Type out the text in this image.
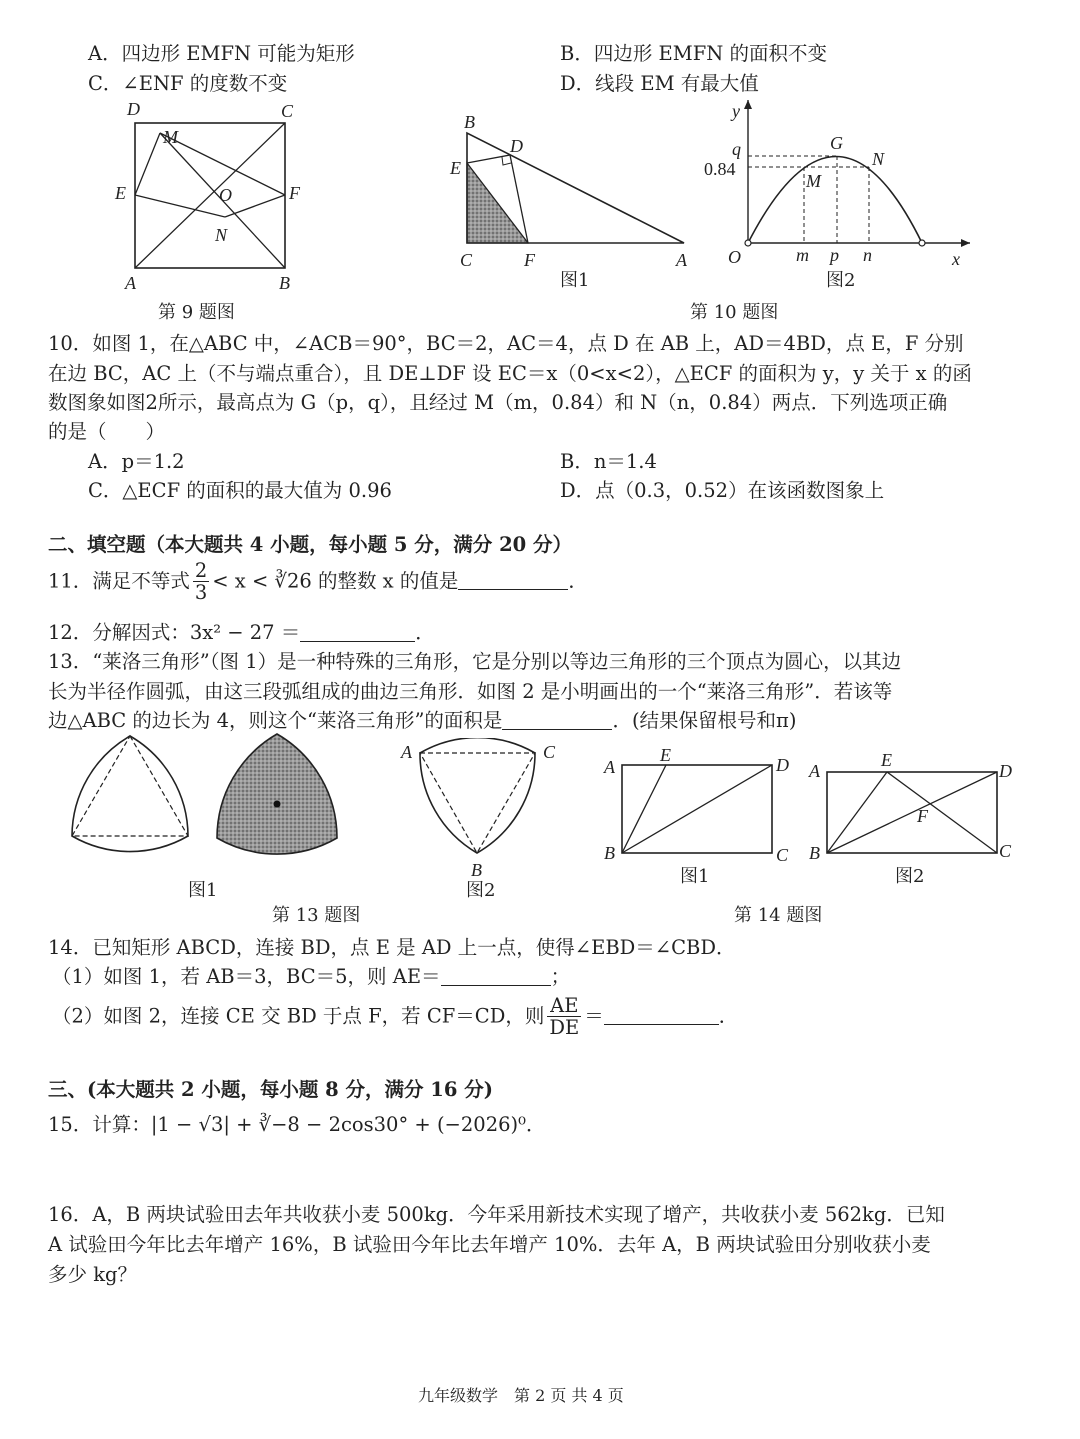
A．四边形 EMFN 可能为矩形	B．四边形 EMFN 的面积不变
C．∠ENF 的度数不变	D．线段 EM 有最大值
D	C
M
E	O	F
N
A	B
第 9 题图
B
D
E
C	F	A
图1
y
q
0.84
G
M
N
O	m p n	x
图2
第 10 题图
10．如图 1，在△ABC 中，∠ACB＝90°，BC＝2，AC＝4，点 D 在 AB 上，AD＝4BD，点 E，F 分别
在边 BC，AC 上（不与端点重合），且 DE⊥DF 设 EC＝x（0<x<2），△ECF 的面积为 y，y 关于 x 的函
数图象如图2所示，最高点为 G（p，q），且经过 M（m，0.84）和 N（n，0.84）两点．下列选项正确
的是（　　）
A．p＝1.2	B．n＝1.4
C．△ECF 的面积的最大值为 0.96	D．点（0.3，0.52）在该函数图象上
二、填空题（本大题共 4 小题，每小题 5 分，满分 20 分）
11．满足不等式 $\frac{2}{3} < x$ < ∛26 的整数 x 的值是	．
12．分解因式：3x² − 27 ＝	．
13．“莱洛三角形”（图 1）是一种特殊的三角形，它是分别以等边三角形的三个顶点为圆心，以其边
长为半径作圆弧，由这三段弧组成的曲边三角形．如图 2 是小明画出的一个“莱洛三角形”．若该等
边△ABC 的边长为 4，则这个“莱洛三角形”的面积是	．(结果保留根号和π)
图1
A	C
B
图2
第 13 题图
A
E	D
B	C
图1
A
E
D
F
B	C
图2
第 14 题图
14．已知矩形 ABCD，连接 BD，点 E 是 AD 上一点，使得∠EBD＝∠CBD．
（1）如图 1，若 AB＝3，BC＝5，则 AE＝	；
（2）如图 2，连接 CE 交 BD 于点 F，若 CF＝CD，则 $\frac{AE}{DE}$ ＝	．
三、(本大题共 2 小题，每小题 8 分，满分 16 分)
15．计算：|1 − √3| + ∛−8 − 2cos30° + (−2026)⁰．
16．A，B 两块试验田去年共收获小麦 500kg．今年采用新技术实现了增产，共收获小麦 562kg．已知
A 试验田今年比去年增产 16%，B 试验田今年比去年增产 10%．去年 A，B 两块试验田分别收获小麦
多少 kg？
九年级数学　第 2 页 共 4 页
